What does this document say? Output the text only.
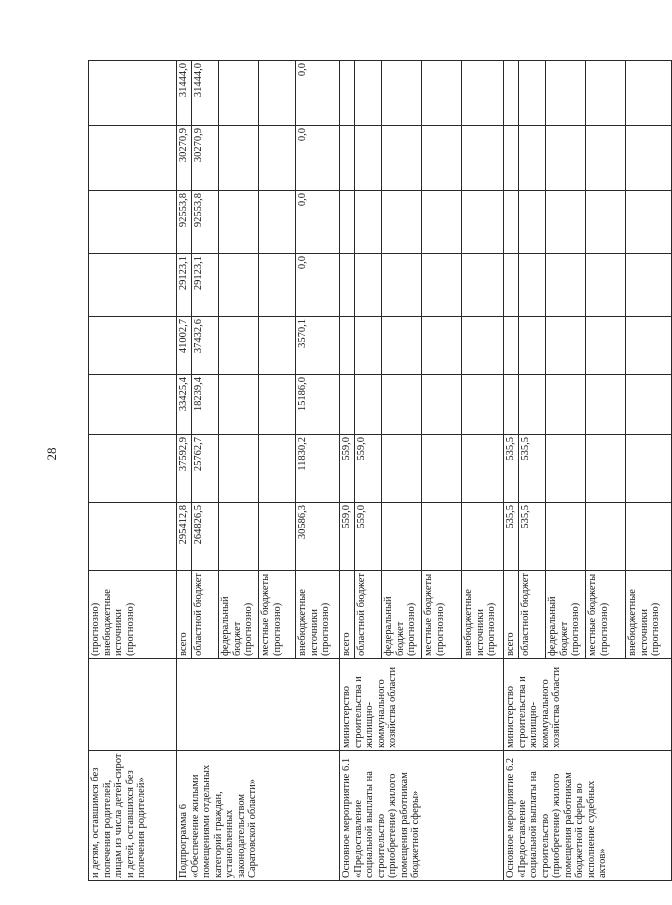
28
и детям, оставшимся без попечения родителей, лицам из числа детей-сирот и детей, оставшихся без попечения родителей»		(прогнозно) внебюджетные источники (прогнозно)								
Подпрограмма 6 «Обеспечение жилыми помещениями отдельных категорий граждан, установленных законодательством Саратовской области»		всего	295412,8	37592,9	33425,4	41002,7	29123,1	92553,8	30270,9	31444,0
		областной бюджет	264826,5	25762,7	18239,4	37432,6	29123,1	92553,8	30270,9	31444,0
		федеральный бюджет (прогнозно)								
		местные бюджеты (прогнозно)								
		внебюджетные источники (прогнозно)	30586,3	11830,2	15186,0	3570,1	0,0	0,0	0,0	0,0
Основное мероприятие 6.1 «Предоставление социальной выплаты на строительство (приобретение) жилого помещения работникам бюджетной сферы»	министерство строительства и жилищно-коммунального хозяйства области	всего	559,0	559,0						
		областной бюджет	559,0	559,0						
		федеральный бюджет (прогнозно)								
		местные бюджеты (прогнозно)								
		внебюджетные источники (прогнозно)								
Основное мероприятие 6.2 «Предоставление социальной выплаты на строительство (приобретение) жилого помещения работникам бюджетной сферы во исполнение судебных актов»	министерство строительства и жилищно-коммунального хозяйства области	всего	535,5	535,5						
		областной бюджет	535,5	535,5						
		федеральный бюджет (прогнозно)								
		местные бюджеты (прогнозно)								
		внебюджетные источники (прогнозно)								
